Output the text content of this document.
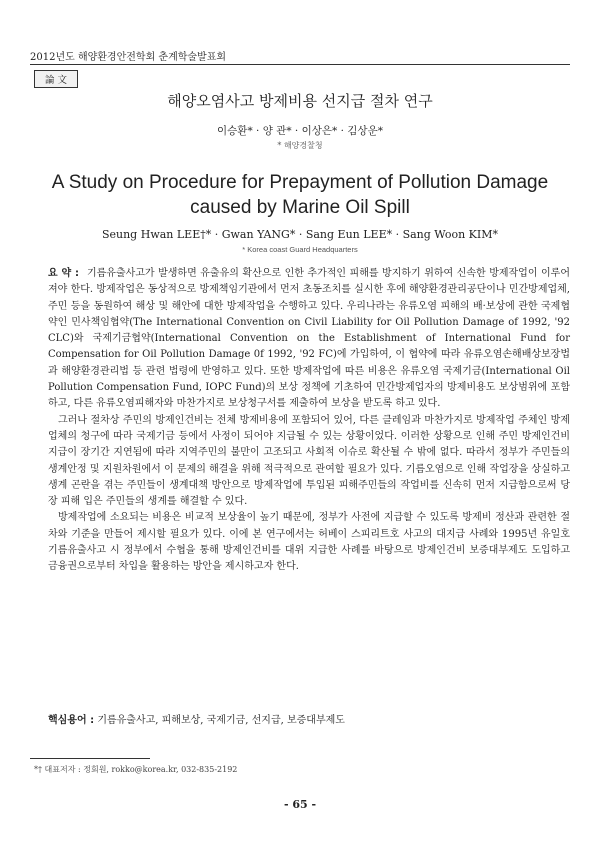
2012년도 해양환경안전학회 춘계학술발표회
論 文
해양오염사고 방제비용 선지급 절차 연구
이승환* · 양 관* · 이상은* · 김상운*
* 해양경찰청
A Study on Procedure for Prepayment of Pollution Damage
caused by Marine Oil Spill
Seung Hwan LEE†* · Gwan YANG* · Sang Eun LEE* · Sang Woon KIM*
* Korea coast Guard Headquarters

요 약 : 기름유출사고가 발생하면 유출유의 확산으로 인한 추가적인 피해를 방지하기 위하여 신속한 방제작업이 이루어져야 한다. 방제작업은 동상적으로 방제책임기관에서 먼저 초동조치를 실시한 후에 해양환경관리공단이나 민간방제업체, 주민 등을 동원하여 해상 및 해안에 대한 방제작업을 수행하고 있다. 우리나라는 유류오염 피해의 배·보상에 관한 국제협약인 민사책임협약(The International Convention on Civil Liability for Oil Pollution Damage of 1992, '92 CLC)와 국제기금협약(International Convention on the Establishment of International Fund for Compensation for Oil Pollution Damage 0f 1992, '92 FC)에 가입하여, 이 협약에 따라 유류오염손해배상보장법과 해양환경관리법 등 관련 법령에 반영하고 있다. 또한 방제작업에 따른 비용은 유류오염 국제기금(International Oil Pollution Compensation Fund, IOPC Fund)의 보상 정책에 기초하여 민간방제업자의 방제비용도 보상범위에 포함하고, 다른 유류오염피해자와 마찬가지로 보상청구서를 제출하여 보상을 받도록 하고 있다.

그러나 절차상 주민의 방제인건비는 전체 방제비용에 포함되어 있어, 다른 클레임과 마찬가지로 방제작업 주체인 방제업체의 청구에 따라 국제기금 등에서 사정이 되어야 지급될 수 있는 상황이었다. 이러한 상황으로 인해 주민 방제인건비 지급이 장기간 지연됨에 따라 지역주민의 불만이 고조되고 사회적 이슈로 확산될 수 밖에 없다. 따라서 정부가 주민들의 생계안정 및 지원차원에서 이 문제의 해결을 위해 적극적으로 관여할 필요가 있다. 기름오염으로 인해 작업장을 상실하고 생계 곤란을 겪는 주민들이 생계대책 방안으로 방제작업에 투입된 피해주민들의 작업비를 신속히 먼저 지급함으로써 당장 피해 입은 주민들의 생계를 해결할 수 있다.

방제작업에 소요되는 비용은 비교적 보상율이 높기 때문에, 정부가 사전에 지급할 수 있도록 방제비 정산과 관련한 절차와 기준을 만들어 제시할 필요가 있다. 이에 본 연구에서는 허베이 스피리트호 사고의 대지급 사례와 1995년 유일호 기름유출사고 시 정부에서 수협을 통해 방제인건비를 대위 지급한 사례를 바탕으로 방제인건비 보증대부제도 도입하고 금융권으로부터 차입을 활용하는 방안을 제시하고자 한다.

핵심용어 : 기름유출사고, 피해보상, 국제기금, 선지급, 보증대부제도
*† 대표저자 : 정회원, rokko@korea.kr, 032-835-2192
- 65 -
